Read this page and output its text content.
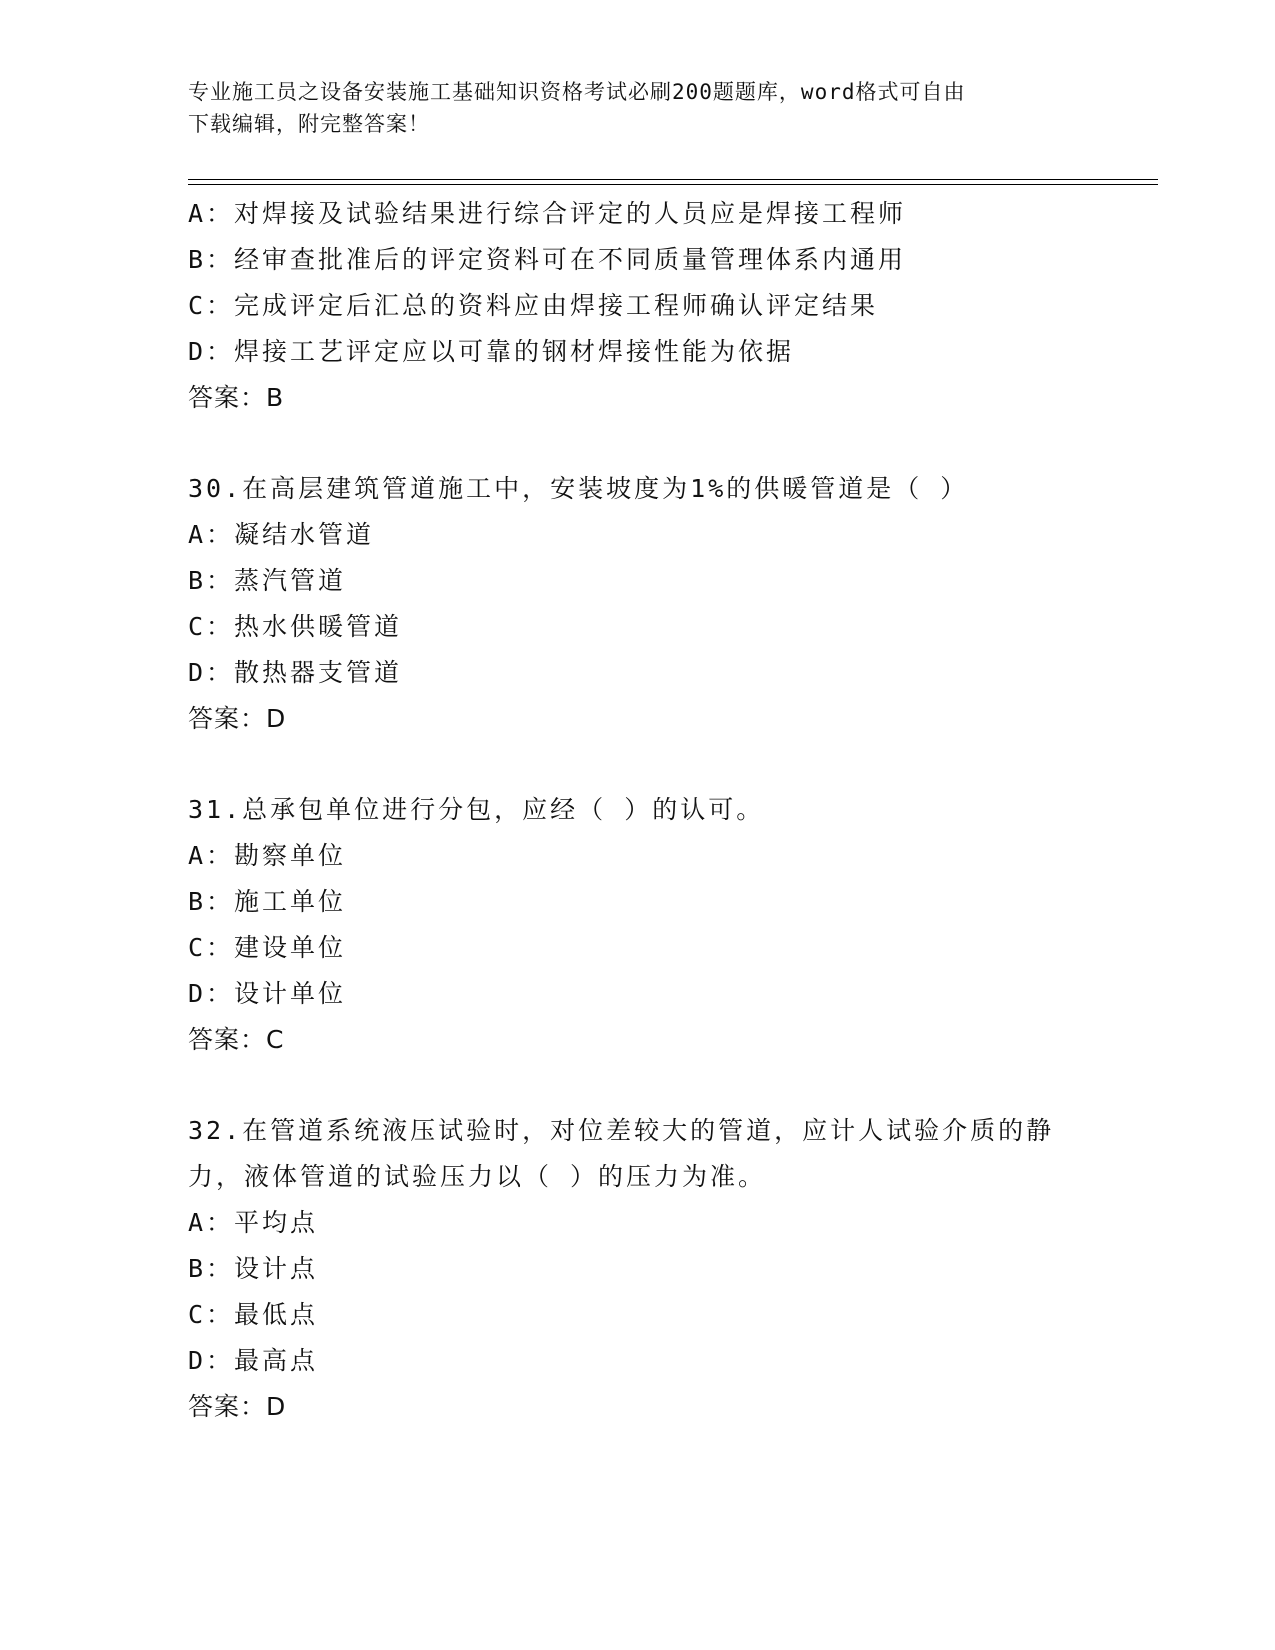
专业施工员之设备安装施工基础知识资格考试必刷200题题库，word格式可自由
下载编辑，附完整答案！
A：对焊接及试验结果进行综合评定的人员应是焊接工程师
B：经审查批准后的评定资料可在不同质量管理体系内通用
C：完成评定后汇总的资料应由焊接工程师确认评定结果
D：焊接工艺评定应以可靠的钢材焊接性能为依据
答案：B
30.在高层建筑管道施工中，安装坡度为1%的供暖管道是（ ）
A：凝结水管道
B：蒸汽管道
C：热水供暖管道
D：散热器支管道
答案：D
31.总承包单位进行分包，应经（ ）的认可。
A：勘察单位
B：施工单位
C：建设单位
D：设计单位
答案：C
32.在管道系统液压试验时，对位差较大的管道，应计人试验介质的静
力，液体管道的试验压力以（ ）的压力为准。
A：平均点
B：设计点
C：最低点
D：最高点
答案：D
